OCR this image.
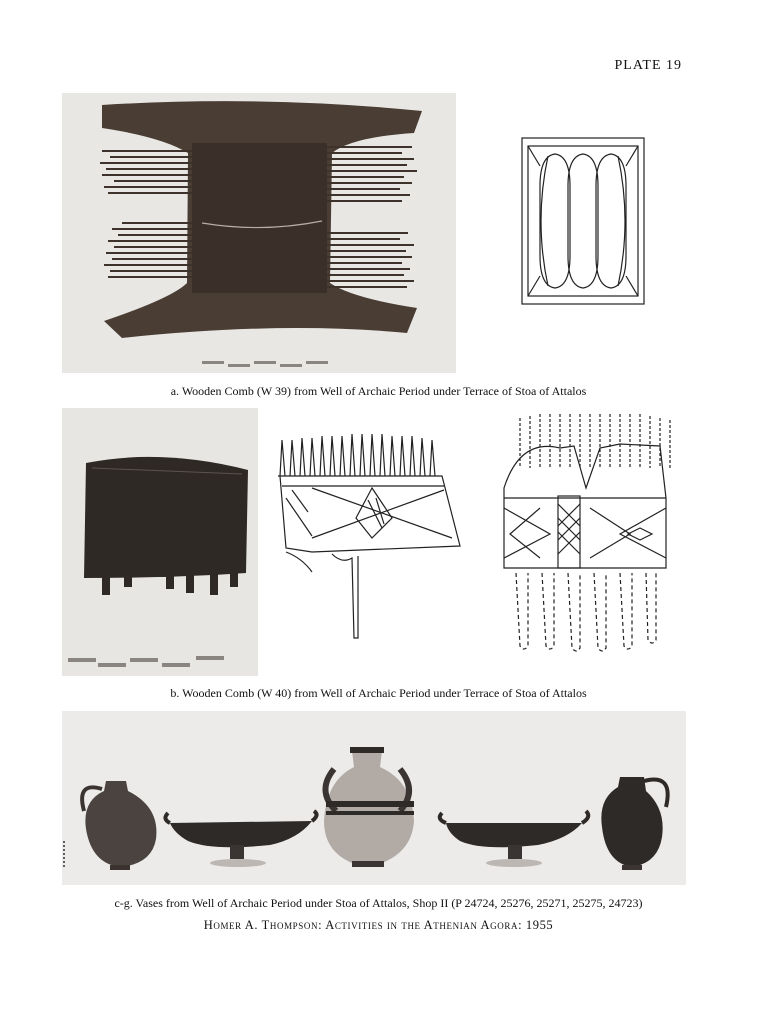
PLATE 19
a. Wooden Comb (W 39) from Well of Archaic Period under Terrace of Stoa of Attalos
b. Wooden Comb (W 40) from Well of Archaic Period under Terrace of Stoa of Attalos
c-g. Vases from Well of Archaic Period under Stoa of Attalos, Shop II (P 24724, 25276, 25271, 25275, 24723)
Homer A. Thompson: Activities in the Athenian Agora: 1955
